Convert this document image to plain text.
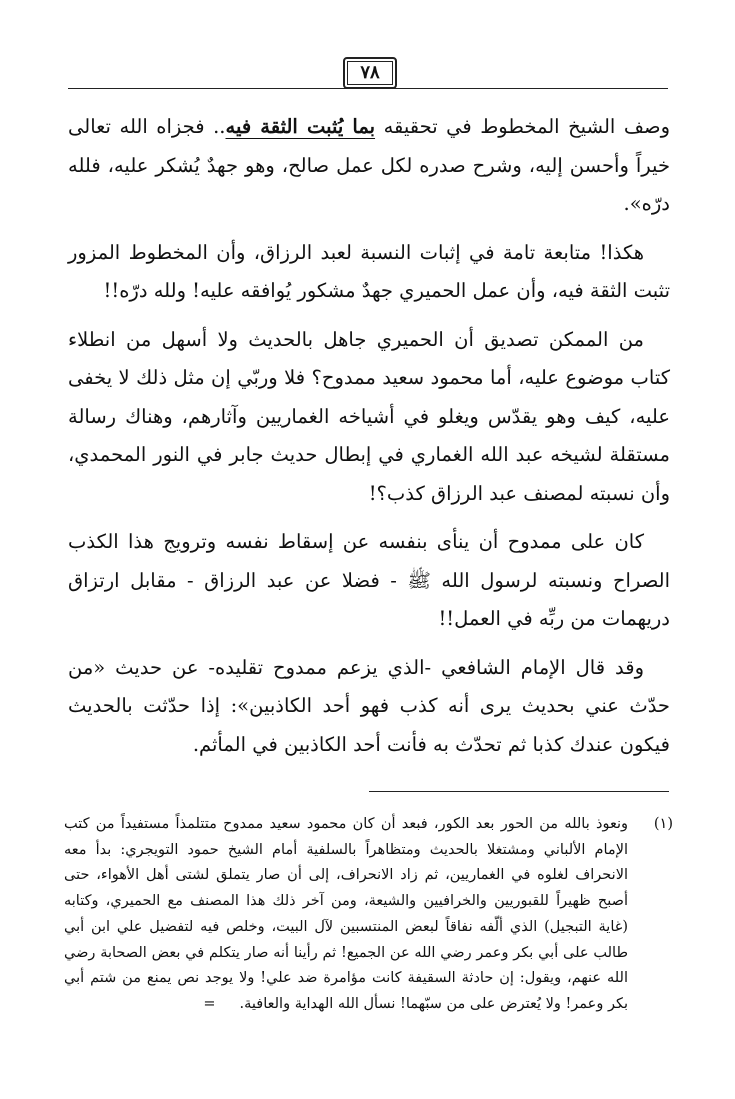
٧٨

وصف الشيخ المخطوط في تحقيقه بما يُثبت الثقة فيه.. فجزاه الله تعالى خيراً وأحسن إليه، وشرح صدره لكل عمل صالح، وهو جهدٌ يُشكر عليه، فلله درّه».

هكذا! متابعة تامة في إثبات النسبة لعبد الرزاق، وأن المخطوط المزور تثبت الثقة فيه، وأن عمل الحميري جهدٌ مشكور يُوافقه عليه! ولله درّه!!

من الممكن تصديق أن الحميري جاهل بالحديث ولا أسهل من انطلاء كتاب موضوع عليه، أما محمود سعيد ممدوح؟ فلا وربّي إن مثل ذلك لا يخفى عليه، كيف وهو يقدّس ويغلو في أشياخه الغماريين وآثارهم، وهناك رسالة مستقلة لشيخه عبد الله الغماري في إبطال حديث جابر في النور المحمدي، وأن نسبته لمصنف عبد الرزاق كذب؟!

كان على ممدوح أن ينأى بنفسه عن إسقاط نفسه وترويج هذا الكذب الصراح ونسبته لرسول الله ﷺ - فضلا عن عبد الرزاق - مقابل ارتزاق دريهمات من ربِّه في العمل!!

وقد قال الإمام الشافعي -الذي يزعم ممدوح تقليده- عن حديث «من حدّث عني بحديث يرى أنه كذب فهو أحد الكاذبين»: إذا حدّثت بالحديث فيكون عندك كذبا ثم تحدّث به فأنت أحد الكاذبين في المأثم.

(١)
ونعوذ بالله من الحور بعد الكور، فبعد أن كان محمود سعيد ممدوح متتلمذاً مستفيداً من كتب الإمام الألباني ومشتغلا بالحديث ومتظاهراً بالسلفية أمام الشيخ حمود التويجري: بدأ معه الانحراف لغلوه في الغماريين، ثم زاد الانحراف، إلى أن صار يتملق لشتى أهل الأهواء، حتى أصبح ظهيراً للقبوريين والخرافيين والشيعة، ومن آخر ذلك هذا المصنف مع الحميري، وكتابه (غاية التبجيل) الذي ألّفه نفاقاً لبعض المنتسبين لآل البيت، وخلص فيه لتفضيل علي ابن أبي طالب على أبي بكر وعمر رضي الله عن الجميع! ثم رأينا أنه صار يتكلم في بعض الصحابة رضي الله عنهم، ويقول: إن حادثة السقيفة كانت مؤامرة ضد علي! ولا يوجد نص يمنع من شتم أبي بكر وعمر! ولا يُعترض على من سبّهما! نسأل الله الهداية والعافية.=
